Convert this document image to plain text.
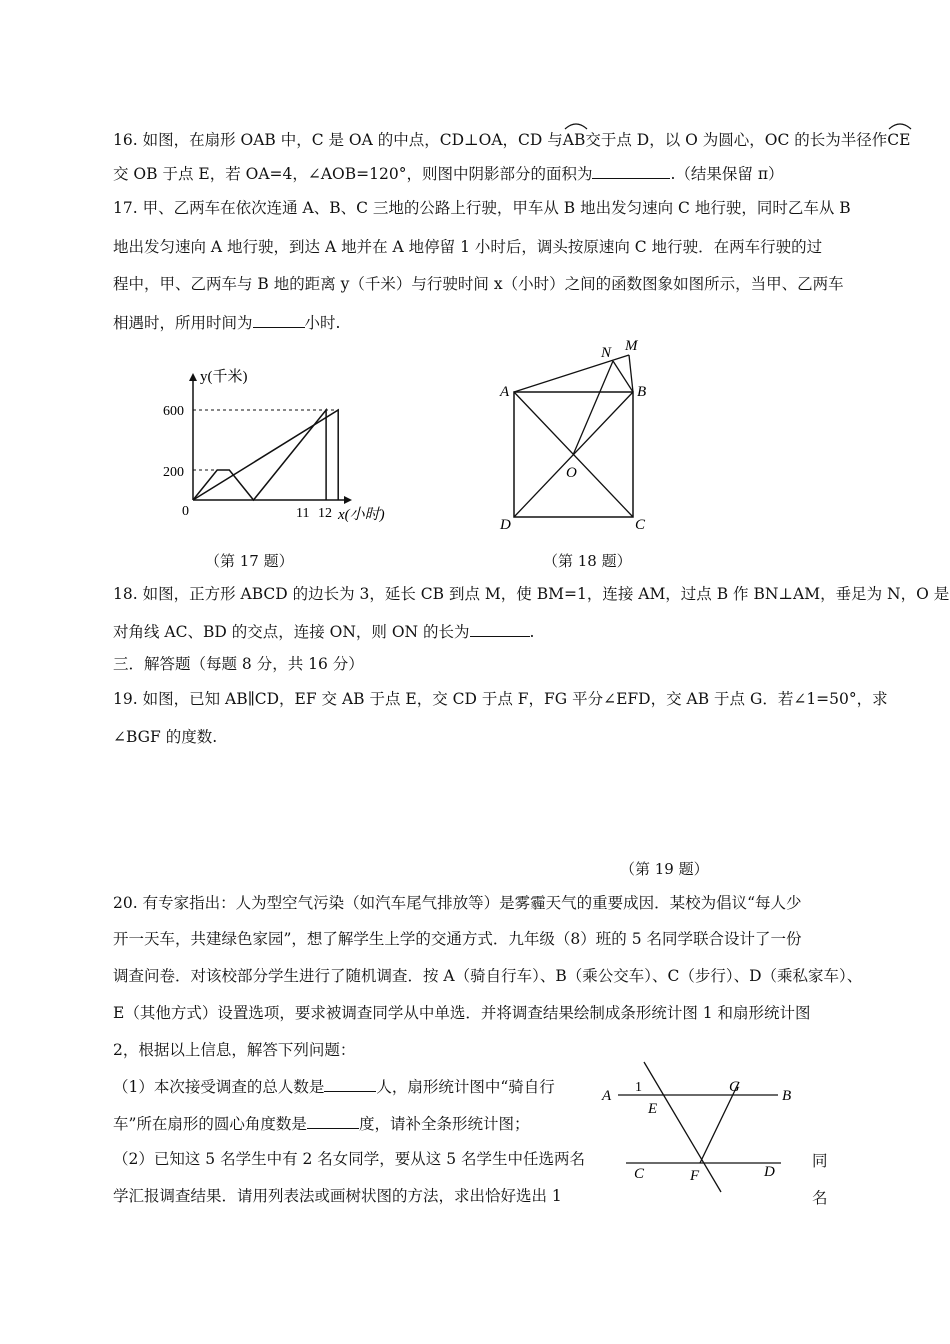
16. 如图，在扇形 OAB 中，C 是 OA 的中点，CD⊥OA，CD 与
AB交于点 D，以 O 为圆心，OC 的长为半径作
CE
交 OB 于点 E，若 OA=4，∠AOB=120°，则图中阴影部分的面积为	.（结果保留 π）
17. 甲、乙两车在依次连通 A、B、C 三地的公路上行驶，甲车从 B 地出发匀速向 C 地行驶，同时乙车从 B
地出发匀速向 A 地行驶，到达 A 地并在 A 地停留 1 小时后，调头按原速向 C 地行驶．在两车行驶的过
程中，甲、乙两车与 B 地的距离 y（千米）与行驶时间 x（小时）之间的函数图象如图所示，当甲、乙两车
相遇时，所用时间为	小时.
y(千米)
x(小时)
0
600
200
11 12
（第 17 题）
A	B
C
D
O
N M
（第 18 题）
18. 如图，正方形 ABCD 的边长为 3，延长 CB 到点 M，使 BM=1，连接 AM，过点 B 作 BN⊥AM，垂足为 N，O 是
对角线 AC、BD 的交点，连接 ON，则 ON 的长为	.
三．解答题（每题 8 分，共 16 分）
19. 如图，已知 AB∥CD，EF 交 AB 于点 E，交 CD 于点 F，FG 平分∠EFD，交 AB 于点 G．若∠1=50°，求
∠BGF 的度数.
（第 19 题）
20. 有专家指出：人为型空气污染（如汽车尾气排放等）是雾霾天气的重要成因．某校为倡议“每人少
开一天车，共建绿色家园”，想了解学生上学的交通方式．九年级（8）班的 5 名同学联合设计了一份
调查问卷．对该校部分学生进行了随机调查．按 A（骑自行车）、B（乘公交车）、C（步行）、D（乘私家车）、
E（其他方式）设置选项，要求被调查同学从中单选．并将调查结果绘制成条形统计图 1 和扇形统计图
2，根据以上信息，解答下列问题：
（1）本次接受调查的总人数是	人，扇形统计图中“骑自行
车”所在扇形的圆心角度数是	度，请补全条形统计图；
（2）已知这 5 名学生中有 2 名女同学，要从这 5 名学生中任选两名	同
学汇报调查结果．请用列表法或画树状图的方法，求出恰好选出 1	名
A	B
C	D
E
F
G
1
